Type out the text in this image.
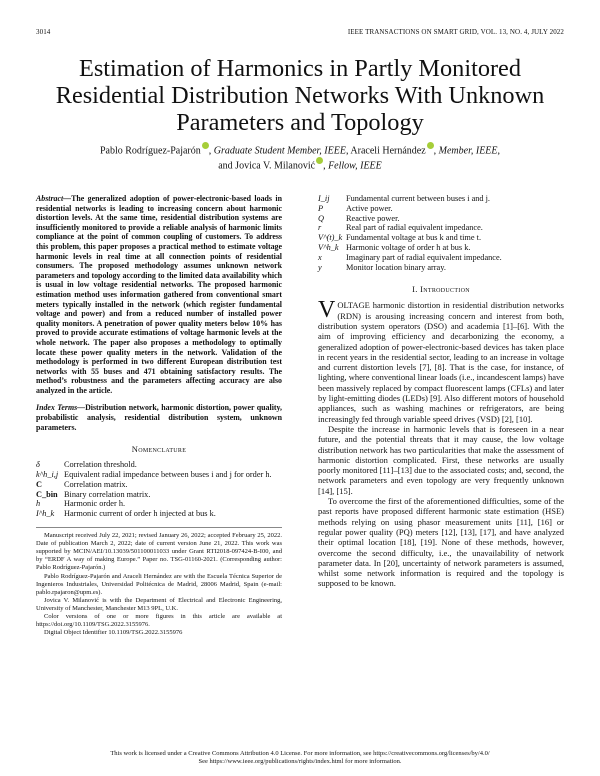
3014	IEEE TRANSACTIONS ON SMART GRID, VOL. 13, NO. 4, JULY 2022
Estimation of Harmonics in Partly Monitored Residential Distribution Networks With Unknown Parameters and Topology
Pablo Rodríguez-Pajarón , Graduate Student Member, IEEE, Araceli Hernández , Member, IEEE,
and Jovica V. Milanović , Fellow, IEEE
Abstract—The generalized adoption of power-electronic-based loads in residential networks is leading to increasing concern about harmonic distortion levels. At the same time, residential distribution systems are insufficiently monitored to provide a reliable analysis of harmonic limits compliance at the point of common coupling of customers. To address this problem, this paper proposes a practical method to estimate voltage harmonic levels in real time at all connection points of residential consumers. The proposed methodology assumes unknown network parameters and topology according to the limited data availability which is usual in low voltage residential networks. The proposed harmonic estimation method uses information gathered from conventional smart meters typically installed in the network (which register fundamental voltage and power) and from a reduced number of installed power quality monitors. A penetration of power quality meters below 10% has proved to provide accurate estimations of voltage harmonic levels at the whole network. The paper also proposes a methodology to optimally locate these power quality meters in the network. Validation of the methodology is performed in two different European distribution test networks with 55 buses and 471 obtaining satisfactory results. The method’s robustness and the parameters affecting accuracy are also analyzed in the article.
Index Terms—Distribution network, harmonic distortion, power quality, probabilistic analysis, residential distribution system, unknown parameters.
Nomenclature
δ	Correlation threshold.
k^h_i,j	Equivalent radial impedance between buses i and j for order h.
C	Correlation matrix.
C_bin	Binary correlation matrix.
h	Harmonic order h.
I^h_k	Harmonic current of order h injected at bus k.

Manuscript received July 22, 2021; revised January 26, 2022; accepted February 25, 2022. Date of publication March 2, 2022; date of current version June 21, 2022. This work was supported by MCIN/AEI/10.13039/501100011033 under Grant RTI2018-097424-B-I00, and by “ERDF A way of making Europe.” Paper no. TSG-01160-2021. (Corresponding author: Pablo Rodríguez-Pajarón.)

Pablo Rodríguez-Pajarón and Araceli Hernández are with the Escuela Técnica Superior de Ingenieros Industriales, Universidad Politécnica de Madrid, 28006 Madrid, Spain (e-mail: pablo.rpajaron@upm.es).

Jovica V. Milanović is with the Department of Electrical and Electronic Engineering, University of Manchester, Manchester M13 9PL, U.K.

Color versions of one or more figures in this article are available at https://doi.org/10.1109/TSG.2022.3155976.

Digital Object Identifier 10.1109/TSG.2022.3155976

I_ij	Fundamental current between buses i and j.
P	Active power.
Q	Reactive power.
r	Real part of radial equivalent impedance.
V^(t)_k	Fundamental voltage at bus k and time t.
V^h_k	Harmonic voltage of order h at bus k.
x	Imaginary part of radial equivalent impedance.
y	Monitor location binary array.
I. Introduction

VOLTAGE harmonic distortion in residential distribution networks (RDN) is arousing increasing concern and interest from both, distribution system operators (DSO) and academia [1]–[6]. With the aim of improving efficiency and decarbonizing the economy, a generalized adoption of power-electronic-based devices has taken place in recent years in the residential sector, leading to an increase in voltage and current distortion levels [7], [8]. That is the case, for instance, of lighting, where conventional linear loads (i.e., incandescent lamps) have been massively replaced by compact fluorescent lamps (CFLs) and later by light-emitting diodes (LEDs) [9]. Also different motors of household appliances, such as washing machines or refrigerators, are being increasingly fed through variable speed drives (VSD) [2], [10].

Despite the increase in harmonic levels that is foreseen in a near future, and the potential threats that it may cause, the low voltage distribution network has two particularities that make the assessment of harmonic distortion complicated. First, these networks are usually poorly monitored [11]–[13] due to the associated costs; and, second, the network parameters and even topology are very frequently unknown [14], [15].

To overcome the first of the aforementioned difficulties, some of the past reports have proposed different harmonic state estimation (HSE) methods relying on using phasor measurement units [11], [16] or regular power quality (PQ) meters [12], [13], [17], and have analyzed their optimal location [18], [19]. None of these methods, however, overcome the second difficulty, i.e., the unavailability of network parameter data. In [20], uncertainty of network parameters is assumed, whilst some network information is required and the topology is supposed to be known.

This work is licensed under a Creative Commons Attribution 4.0 License. For more information, see https://creativecommons.org/licenses/by/4.0/
See https://www.ieee.org/publications/rights/index.html for more information.
